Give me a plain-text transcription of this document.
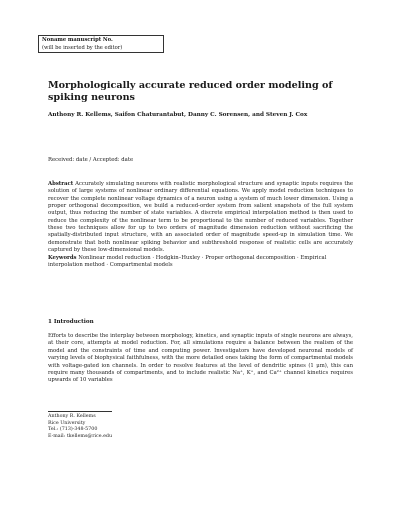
Noname manuscript No.
(will be inserted by the editor)
Morphologically accurate reduced order modeling of spiking neurons
Anthony R. Kellems, Saifon Chaturantabut, Danny C. Sorensen, and Steven J. Cox
Received: date / Accepted: date
Abstract Accurately simulating neurons with realistic morphological structure and synaptic inputs requires the solution of large systems of nonlinear ordinary differential equations. We apply model reduction techniques to recover the complete nonlinear voltage dynamics of a neuron using a system of much lower dimension. Using a proper orthogonal decomposition, we build a reduced-order system from salient snapshots of the full system output, thus reducing the number of state variables. A discrete empirical interpolation method is then used to reduce the complexity of the nonlinear term to be proportional to the number of reduced variables. Together these two techniques allow for up to two orders of magnitude dimension reduction without sacrificing the spatially-distributed input structure, with an associated order of magnitude speed-up in simulation time. We demonstrate that both nonlinear spiking behavior and subthreshold response of realistic cells are accurately captured by these low-dimensional models.
Keywords Nonlinear model reduction · Hodgkin–Huxley · Proper orthogonal decomposition · Empirical interpolation method · Compartmental models
1 Introduction
Efforts to describe the interplay between morphology, kinetics, and synaptic inputs of single neurons are always, at their core, attempts at model reduction. For, all simulations require a balance between the realism of the model and the constraints of time and computing power. Investigators have developed neuronal models of varying levels of biophysical faithfulness, with the more detailed ones taking the form of compartmental models with voltage-gated ion channels. In order to resolve features at the level of dendritic spines (1 μm), this can require many thousands of compartments, and to include realistic Na⁺, K⁺, and Ca²⁺ channel kinetics requires upwards of 10 variables
Anthony R. Kellems
Rice University
Tel.: (713)-348-5700
E-mail: tkellems@rice.edu
